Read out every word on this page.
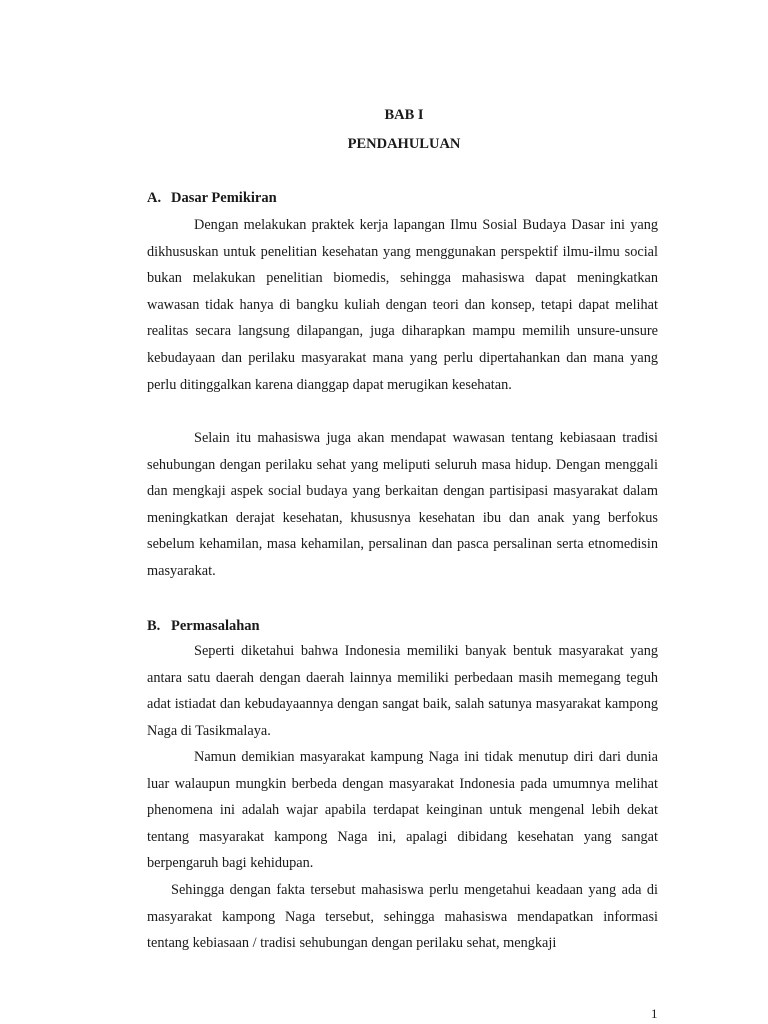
BAB I
PENDAHULUAN
A. Dasar Pemikiran

Dengan melakukan praktek kerja lapangan Ilmu Sosial Budaya Dasar ini yang dikhususkan untuk penelitian kesehatan yang menggunakan perspektif ilmu-ilmu social bukan melakukan penelitian biomedis, sehingga mahasiswa dapat meningkatkan wawasan tidak hanya di bangku kuliah dengan teori dan konsep, tetapi dapat melihat realitas secara langsung dilapangan, juga diharapkan mampu memilih unsure-unsure kebudayaan dan perilaku masyarakat mana yang perlu dipertahankan dan mana yang perlu ditinggalkan karena dianggap dapat merugikan kesehatan.

Selain itu mahasiswa juga akan mendapat wawasan tentang kebiasaan tradisi sehubungan dengan perilaku sehat yang meliputi seluruh masa hidup. Dengan menggali dan mengkaji aspek social budaya yang berkaitan dengan partisipasi masyarakat dalam meningkatkan derajat kesehatan, khususnya kesehatan ibu dan anak yang berfokus sebelum kehamilan, masa kehamilan, persalinan dan pasca persalinan serta etnomedisin masyarakat.

B. Permasalahan

Seperti diketahui bahwa Indonesia memiliki banyak bentuk masyarakat yang antara satu daerah dengan daerah lainnya memiliki perbedaan masih memegang teguh adat istiadat dan kebudayaannya dengan sangat baik, salah satunya masyarakat kampong Naga di Tasikmalaya.

Namun demikian masyarakat kampung Naga ini tidak menutup diri dari dunia luar walaupun mungkin berbeda dengan masyarakat Indonesia pada umumnya melihat phenomena ini adalah wajar apabila terdapat keinginan untuk mengenal lebih dekat tentang masyarakat kampong Naga ini, apalagi dibidang kesehatan yang sangat berpengaruh bagi kehidupan.

Sehingga dengan fakta tersebut mahasiswa perlu mengetahui keadaan yang ada di masyarakat kampong Naga tersebut, sehingga mahasiswa mendapatkan informasi tentang kebiasaan / tradisi sehubungan dengan perilaku sehat, mengkaji

1
